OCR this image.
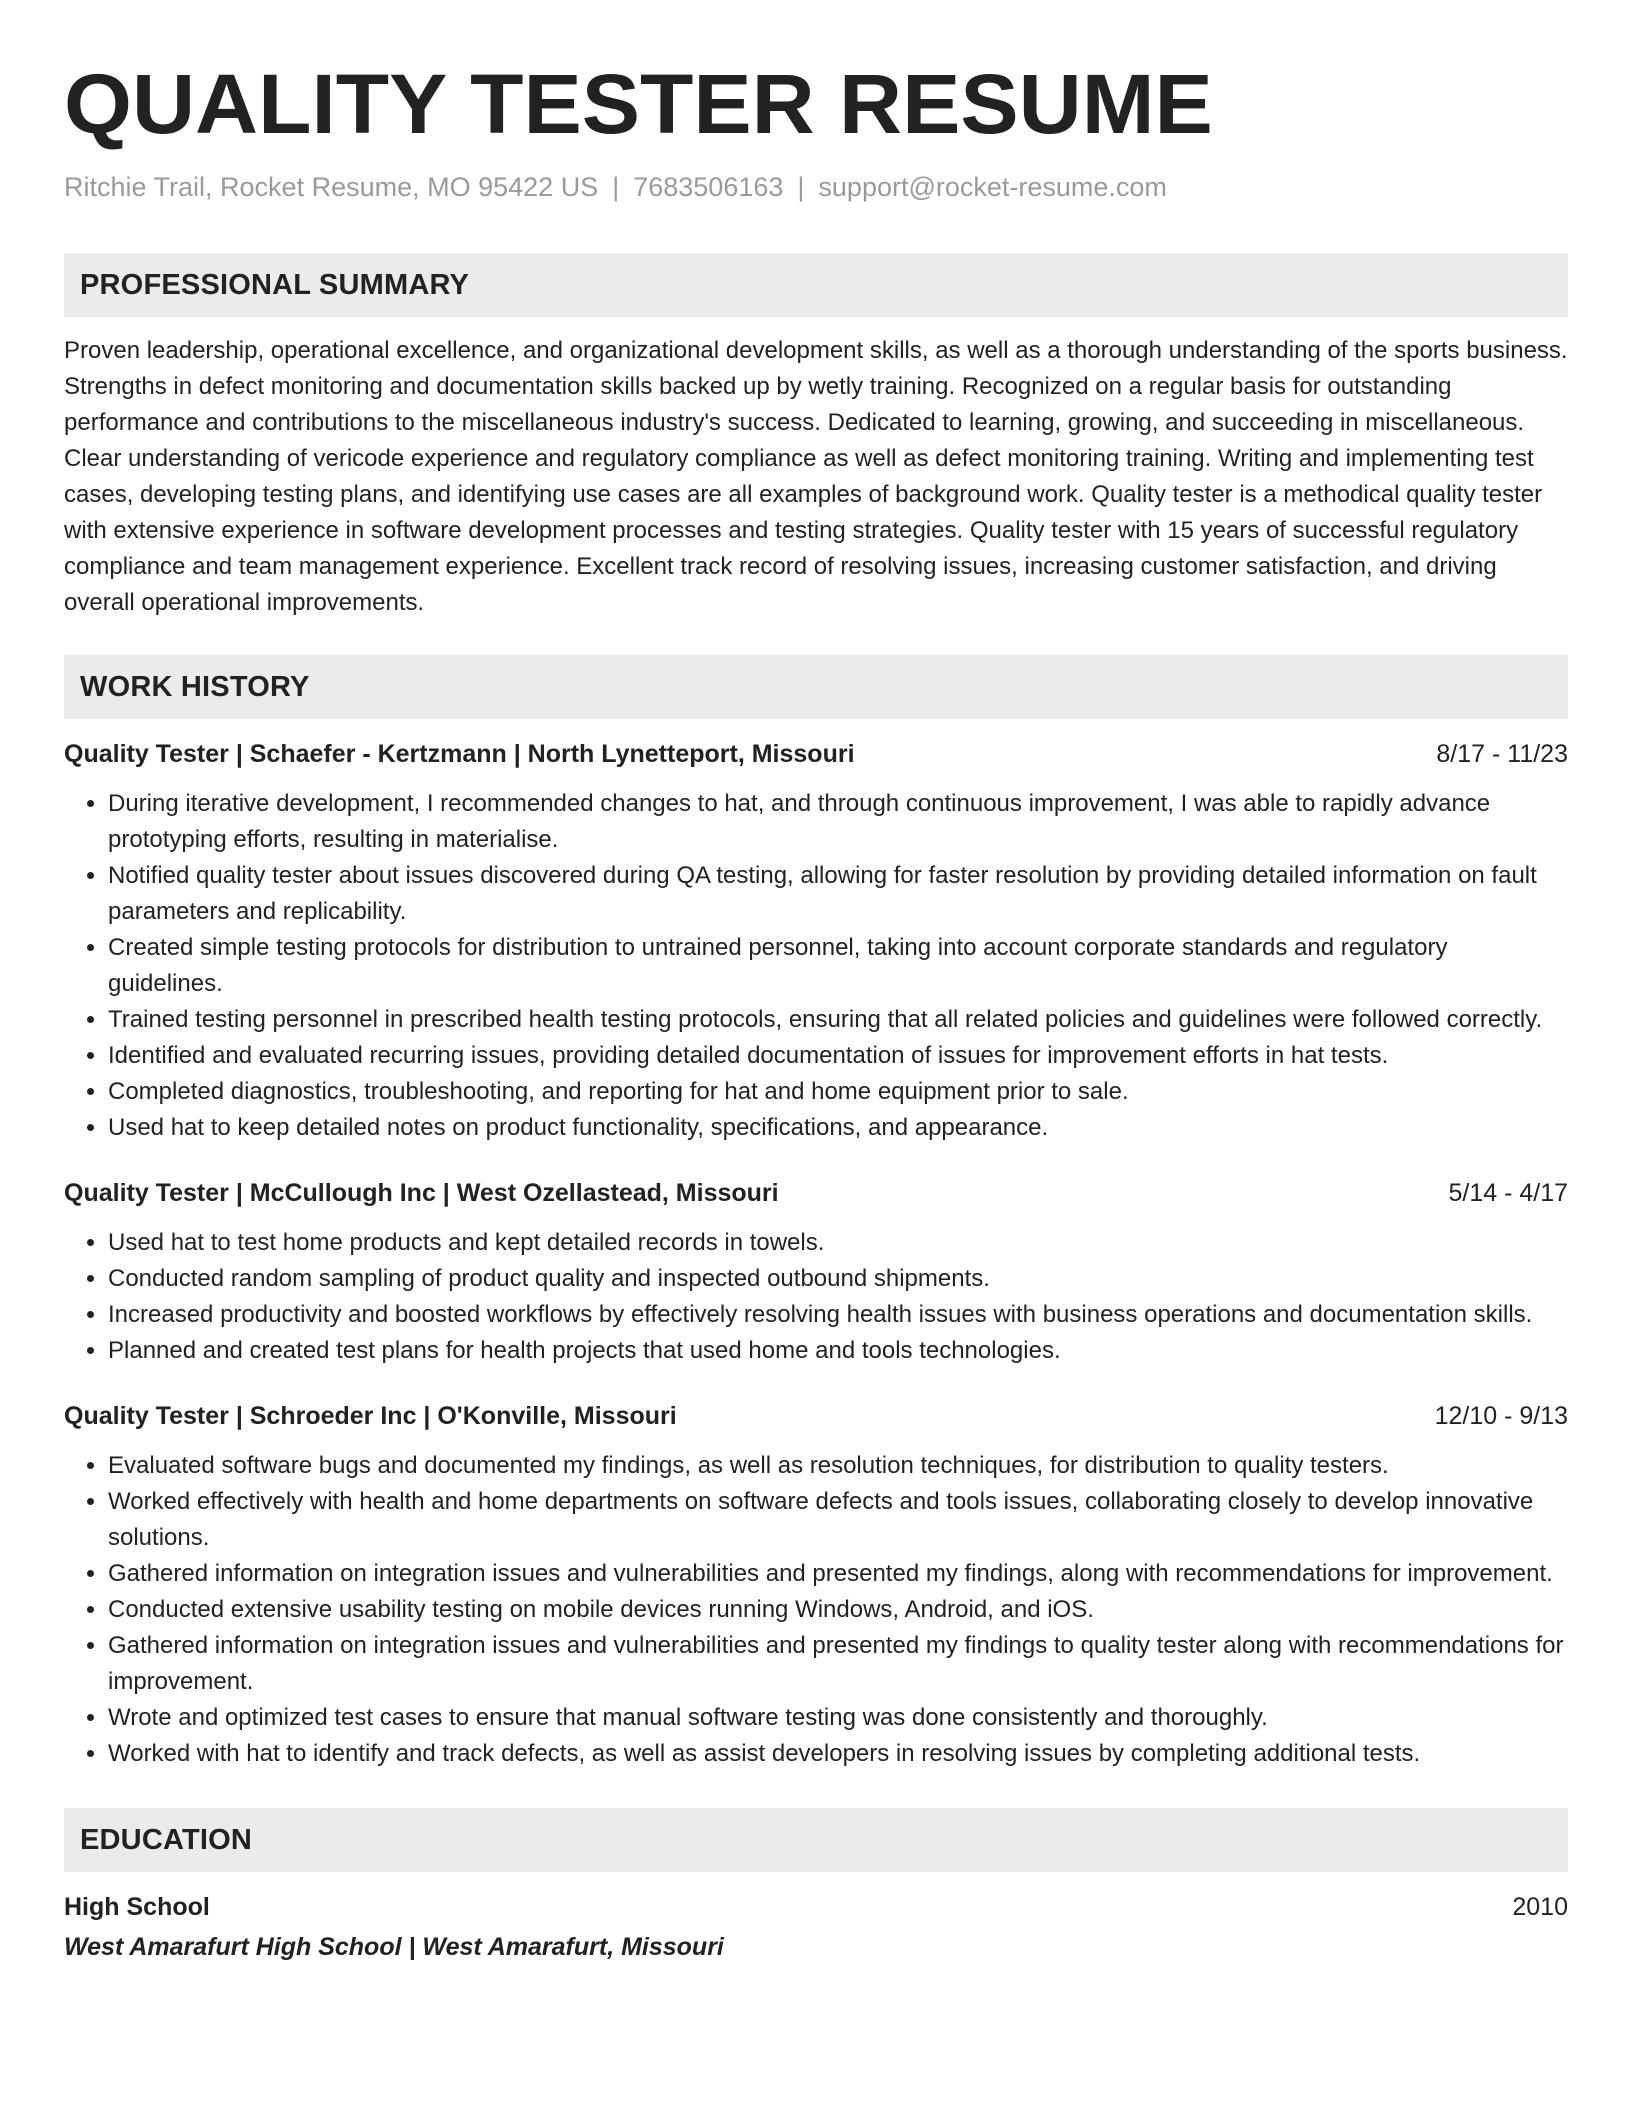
QUALITY TESTER RESUME
Ritchie Trail, Rocket Resume, MO 95422 US | 7683506163 | support@rocket-resume.com
PROFESSIONAL SUMMARY

Proven leadership, operational excellence, and organizational development skills, as well as a thorough understanding of the sports business. Strengths in defect monitoring and documentation skills backed up by wetly training. Recognized on a regular basis for outstanding performance and contributions to the miscellaneous industry's success. Dedicated to learning, growing, and succeeding in miscellaneous. Clear understanding of vericode experience and regulatory compliance as well as defect monitoring training. Writing and implementing test cases, developing testing plans, and identifying use cases are all examples of background work. Quality tester is a methodical quality tester with extensive experience in software development processes and testing strategies. Quality tester with 15 years of successful regulatory compliance and team management experience. Excellent track record of resolving issues, increasing customer satisfaction, and driving overall operational improvements.

WORK HISTORY
Quality Tester | Schaefer - Kertzmann | North Lynetteport, Missouri	8/17 - 11/23
• During iterative development, I recommended changes to hat, and through continuous improvement, I was able to rapidly advance prototyping efforts, resulting in materialise.
• Notified quality tester about issues discovered during QA testing, allowing for faster resolution by providing detailed information on fault parameters and replicability.
• Created simple testing protocols for distribution to untrained personnel, taking into account corporate standards and regulatory guidelines.
• Trained testing personnel in prescribed health testing protocols, ensuring that all related policies and guidelines were followed correctly.
• Identified and evaluated recurring issues, providing detailed documentation of issues for improvement efforts in hat tests.
• Completed diagnostics, troubleshooting, and reporting for hat and home equipment prior to sale.
• Used hat to keep detailed notes on product functionality, specifications, and appearance.
Quality Tester | McCullough Inc | West Ozellastead, Missouri	5/14 - 4/17
• Used hat to test home products and kept detailed records in towels.
• Conducted random sampling of product quality and inspected outbound shipments.
• Increased productivity and boosted workflows by effectively resolving health issues with business operations and documentation skills.
• Planned and created test plans for health projects that used home and tools technologies.
Quality Tester | Schroeder Inc | O'Konville, Missouri	12/10 - 9/13
• Evaluated software bugs and documented my findings, as well as resolution techniques, for distribution to quality testers.
• Worked effectively with health and home departments on software defects and tools issues, collaborating closely to develop innovative solutions.
• Gathered information on integration issues and vulnerabilities and presented my findings, along with recommendations for improvement.
• Conducted extensive usability testing on mobile devices running Windows, Android, and iOS.
• Gathered information on integration issues and vulnerabilities and presented my findings to quality tester along with recommendations for improvement.
• Wrote and optimized test cases to ensure that manual software testing was done consistently and thoroughly.
• Worked with hat to identify and track defects, as well as assist developers in resolving issues by completing additional tests.
EDUCATION
High School	2010
West Amarafurt High School | West Amarafurt, Missouri
